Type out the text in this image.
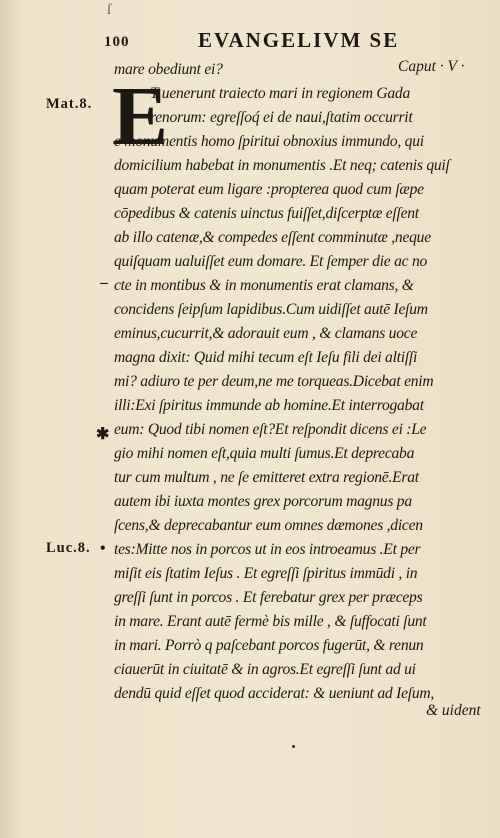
ſ
100	EVANGELIVM SE
Caput · V ·
E
Mat.8.
Luc.8.
–
✱
•
mare obediunt ei?
T uenerunt traiecto mari in regionem Gada
renorum: egreſſoq́ ei de naui,ſtatim occurrit
e monumentis homo ſpiritui obnoxius immundo, qui
domicilium habebat in monumentis .Et neq; catenis quiſ
quam poterat eum ligare :propterea quod cum ſæpe
cōpedibus & catenis uinctus fuiſſet,diſcerptæ eſſent
ab illo catenæ,& compedes eſſent comminutæ ,neque
quiſquam ualuiſſet eum domare. Et ſemper die ac no
cte in montibus & in monumentis erat clamans, &
concidens ſeipſum lapidibus.Cum uidiſſet autē Ieſum
eminus,cucurrit,& adorauit eum , & clamans uoce
magna dixit: Quid mihi tecum eſt Ieſu fili dei altiſſi
mi? adiuro te per deum,ne me torqueas.Dicebat enim
illi:Exi ſpiritus immunde ab homine.Et interrogabat
eum: Quod tibi nomen eſt?Et reſpondit dicens ei :Le
gio mihi nomen eſt,quia multi ſumus.Et deprecaba
tur cum multum , ne ſe emitteret extra regionē.Erat
autem ibi iuxta montes grex porcorum magnus pa
ſcens,& deprecabantur eum omnes dæmones ,dicen
tes:Mitte nos in porcos ut in eos introeamus .Et per
miſit eis ſtatim Ieſus . Et egreſſi ſpiritus immūdi , in
greſſi ſunt in porcos . Et ferebatur grex per præceps
in mare. Erant autē fermè bis mille , & ſuffocati ſunt
in mari. Porrò q paſcebant porcos fugerūt, & renun
ciauerūt in ciuitatē & in agros.Et egreſſi ſunt ad ui
dendū quid eſſet quod acciderat: & ueniunt ad Ieſum,
& uident
